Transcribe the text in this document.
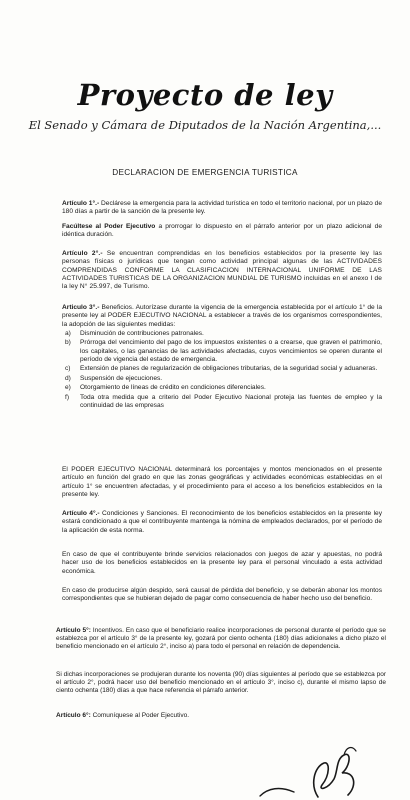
Proyecto de ley
El Senado y Cámara de Diputados de la Nación Argentina,...
DECLARACION DE EMERGENCIA TURISTICA
Artículo 1°.- Declárese la emergencia para la actividad turística en todo el territorio nacional, por un plazo de 180 días a partir de la sanción de la presente ley.
Facúltese al Poder Ejecutivo a prorrogar lo dispuesto en el párrafo anterior por un plazo adicional de idéntica duración.
Artículo 2°.- Se encuentran comprendidas en los beneficios establecidos por la presente ley las personas físicas o jurídicas que tengan como actividad principal algunas de las ACTIVIDADES COMPRENDIDAS CONFORME LA CLASIFICACION INTERNACIONAL UNIFORME DE LAS ACTIVIDADES TURISTICAS DE LA ORGANIZACION MUNDIAL DE TURISMO incluidas en el anexo I de la ley N° 25.997, de Turismo.
Articulo 3°.- Beneficios. Autorízase durante la vigencia de la emergencia establecida por el artículo 1° de la presente ley al PODER EJECUTIVO NACIONAL a establecer a través de los organismos correspondientes, la adopción de las siguientes medidas:
a) Disminución de contribuciones patronales.
b) Prórroga del vencimiento del pago de los impuestos existentes o a crearse, que graven el patrimonio, los capitales, o las ganancias de las actividades afectadas, cuyos vencimientos se operen durante el período de vigencia del estado de emergencia.
c) Extensión de planes de regularización de obligaciones tributarias, de la seguridad social y aduaneras.
d) Suspensión de ejecuciones.
e) Otorgamiento de líneas de crédito en condiciones diferenciales.
f) Toda otra medida que a criterio del Poder Ejecutivo Nacional proteja las fuentes de empleo y la continuidad de las empresas
El PODER EJECUTIVO NACIONAL determinará los porcentajes y montos mencionados en el presente artículo en función del grado en que las zonas geográficas y actividades económicas establecidas en el artículo 1° se encuentren afectadas, y el procedimiento para el acceso a los beneficios establecidos en la presente ley.
Artículo 4°.- Condiciones y Sanciones. El reconocimiento de los beneficios establecidos en la presente ley estará condicionado a que el contribuyente mantenga la nómina de empleados declarados, por el período de la aplicación de esta norma.
En caso de que el contribuyente brinde servicios relacionados con juegos de azar y apuestas, no podrá hacer uso de los beneficios establecidos en la presente ley para el personal vinculado a esta actividad económica.
En caso de producirse algún despido, será causal de pérdida del beneficio, y se deberán abonar los montos correspondientes que se hubieran dejado de pagar como consecuencia de haber hecho uso del beneficio.
Artículo 5°: Incentivos. En caso que el beneficiario realice incorporaciones de personal durante el período que se establezca por el artículo 3° de la presente ley, gozará por ciento ochenta (180) días adicionales a dicho plazo el beneficio mencionado en el artículo 2°, inciso a) para todo el personal en relación de dependencia.
Si dichas incorporaciones se produjeran durante los noventa (90) días siguientes al período que se establezca por el artículo 2°, podrá hacer uso del beneficio mencionado en el artículo 3°, inciso c), durante el mismo lapso de ciento ochenta (180) días a que hace referencia el párrafo anterior.
Artículo 6°: Comuníquese al Poder Ejecutivo.
